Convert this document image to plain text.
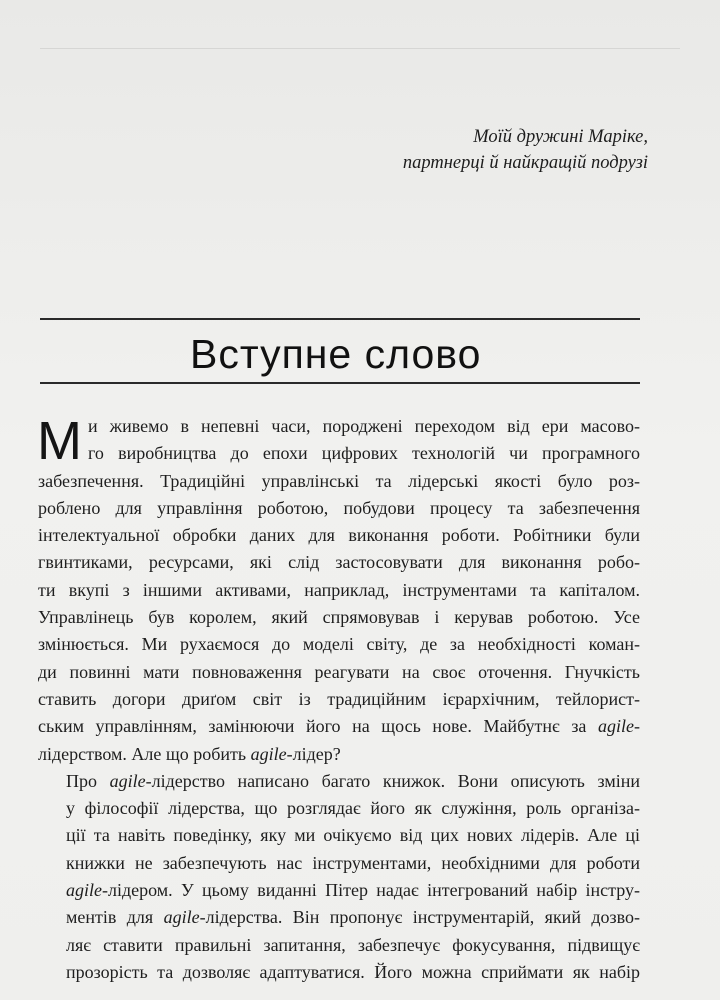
Моїй дружині Маріке,
партнерці й найкращій подрузі
Вступне слово

М и живемо в непевні часи, породжені переходом від ери масово-
го виробництва до епохи цифрових технологій чи програмного
забезпечення. Традиційні управлінські та лідерські якості було роз-
роблено для управління роботою, побудови процесу та забезпечення
інтелектуальної обробки даних для виконання роботи. Робітники були
гвинтиками, ресурсами, які слід застосовувати для виконання робо-
ти вкупі з іншими активами, наприклад, інструментами та капіталом.
Управлінець був королем, який спрямовував і керував роботою. Усе
змінюється. Ми рухаємося до моделі світу, де за необхідності коман-
ди повинні мати повноваження реагувати на своє оточення. Гнучкість
ставить догори дриґом світ із традиційним ієрархічним, тейлорист-
ським управлінням, замінюючи його на щось нове. Майбутнє за agile-
лідерством. Але що робить agile-лідер?

Про agile-лідерство написано багато книжок. Вони описують зміни
у філософії лідерства, що розглядає його як служіння, роль організа-
ції та навіть поведінку, яку ми очікуємо від цих нових лідерів. Але ці
книжки не забезпечують нас інструментами, необхідними для роботи
agile-лідером. У цьому виданні Пітер надає інтегрований набір інстру-
ментів для agile-лідерства. Він пропонує інструментарій, який дозво-
ляє ставити правильні запитання, забезпечує фокусування, підвищує
прозорість та дозволяє адаптуватися. Його можна сприймати як набір
